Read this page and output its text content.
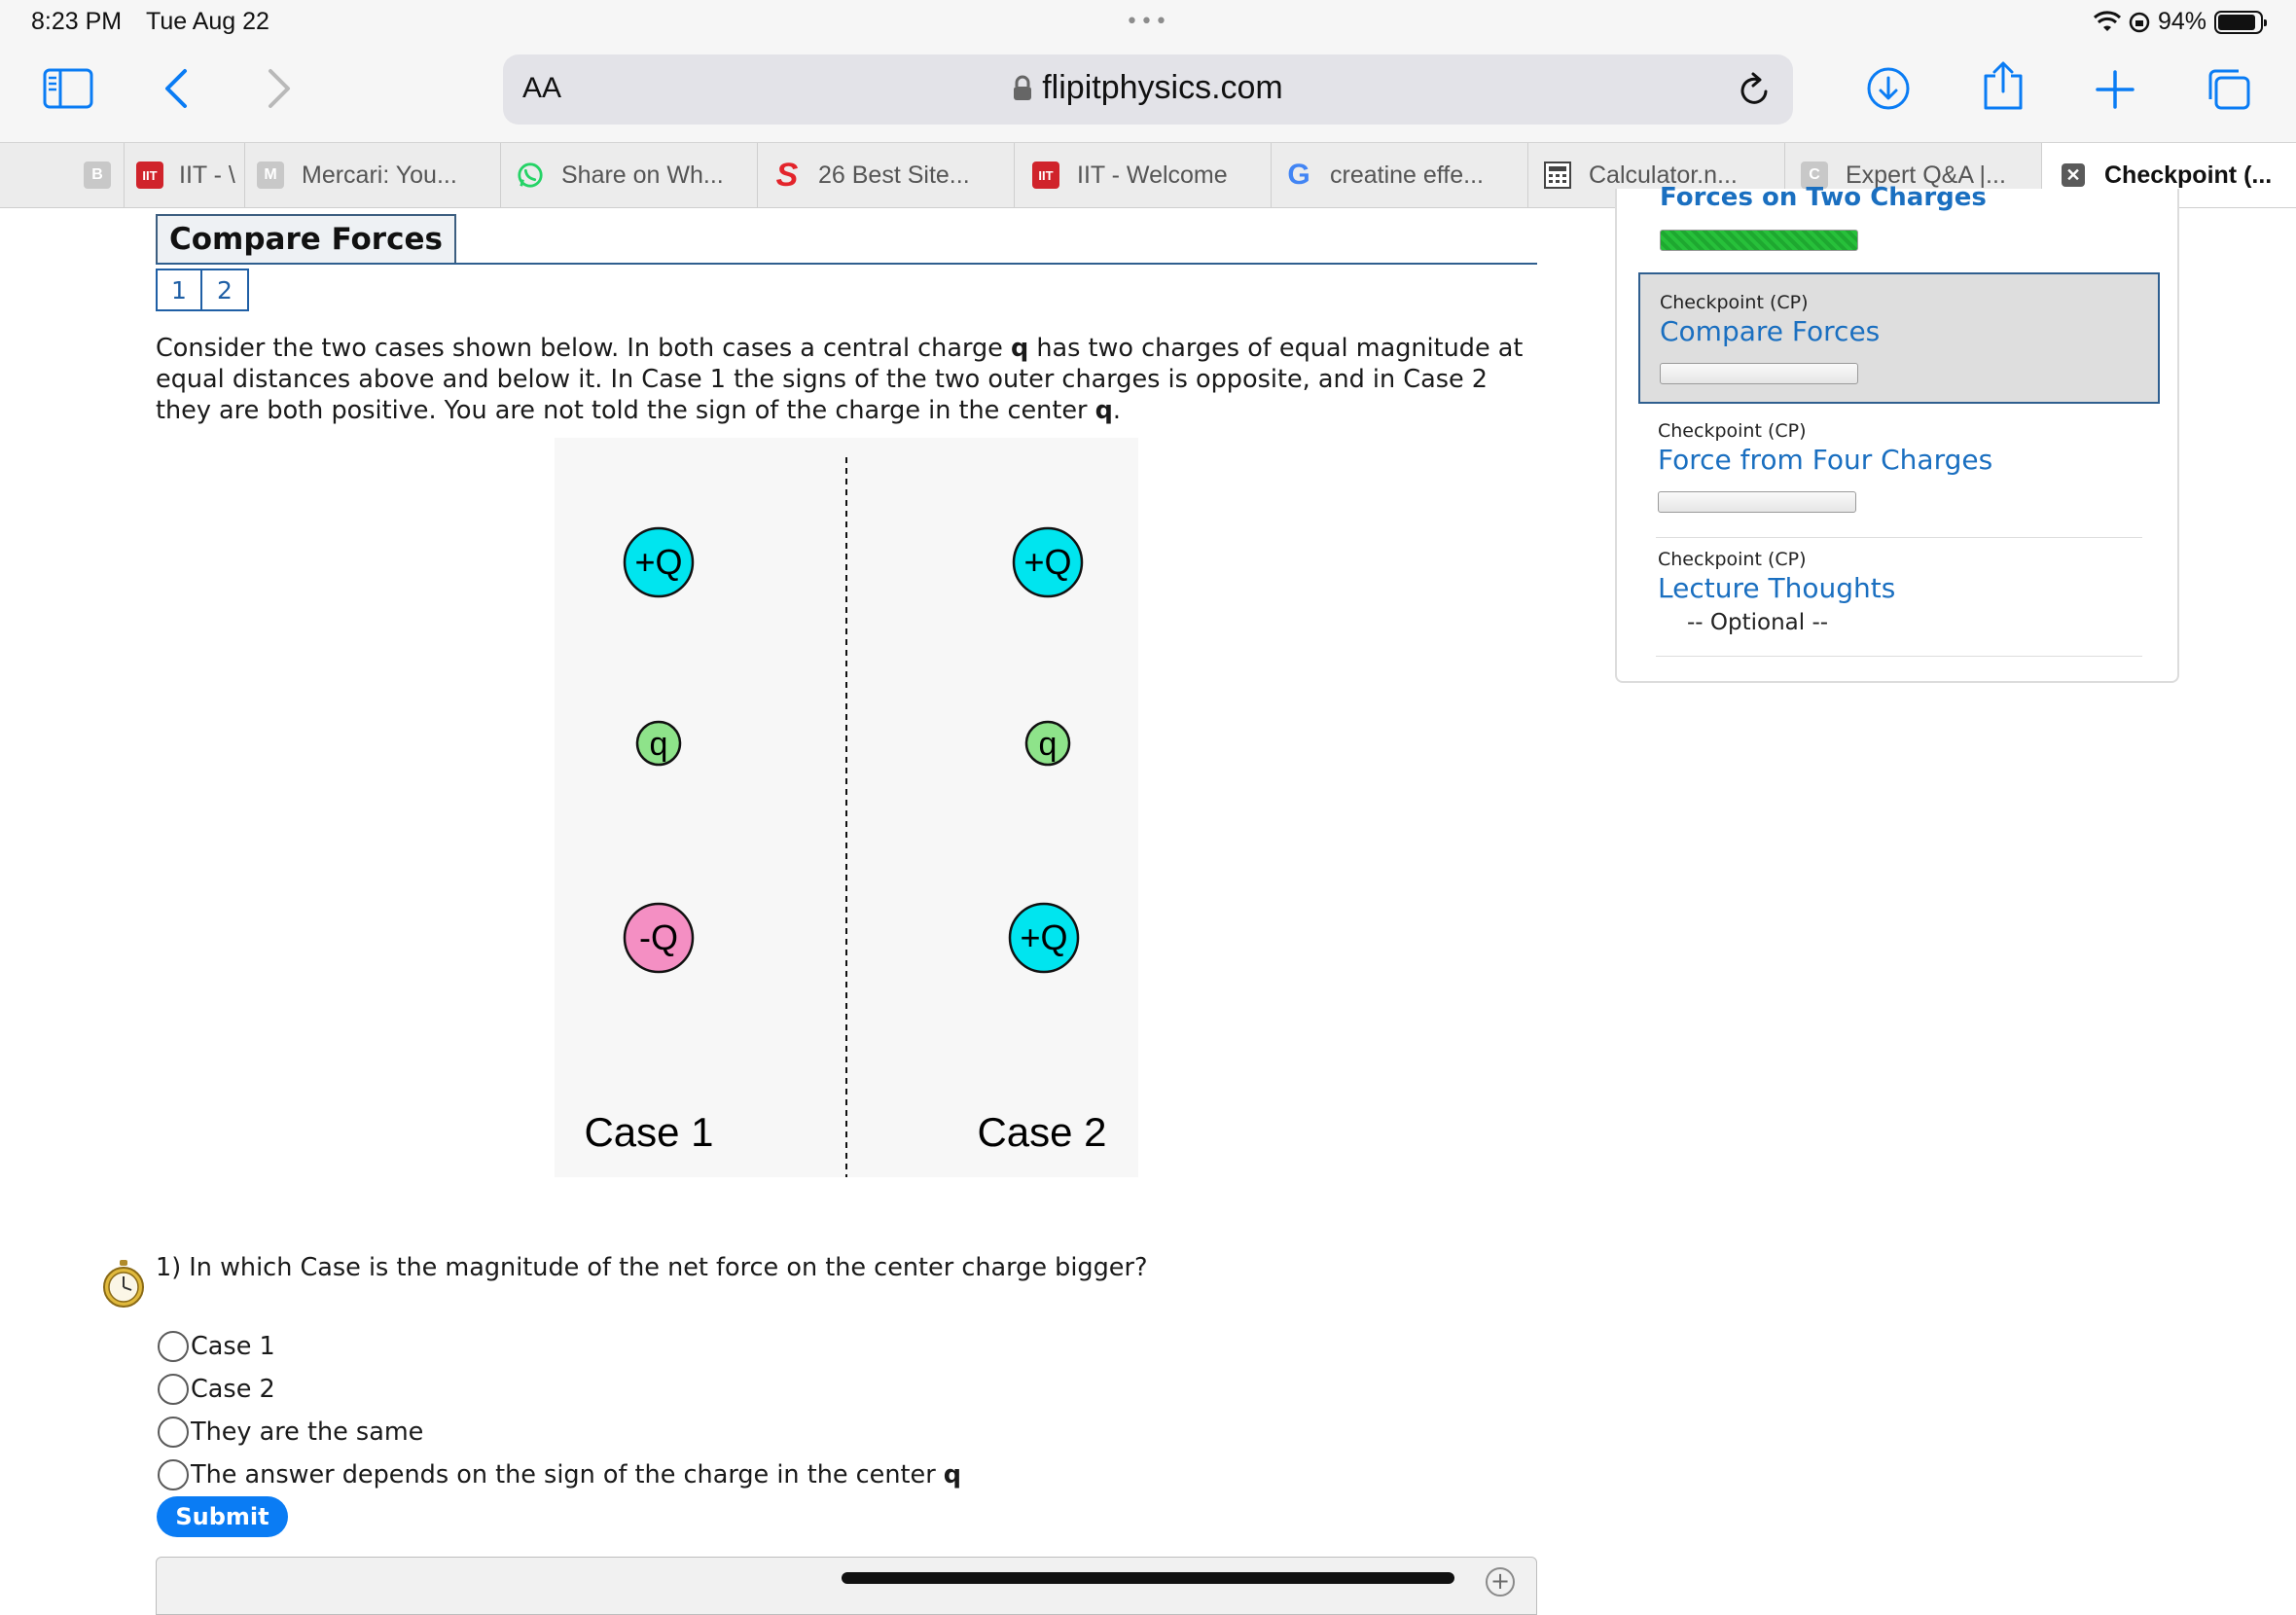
8:23 PM Tue Aug 22	•••	94%
AA	flipitphysics.com
B	IIT IIT - \	M Mercari: You...	Share on Wh... S 26 Best Site...	IIT IIT - Welcome G creatine effe...	Calculator.n...	C	Expert Q&A |...	✕ Checkpoint (...
Compare Forces
1	2

Consider the two cases shown below. In both cases a central charge q has two charges of equal magnitude at equal distances above and below it. In Case 1 the signs of the two outer charges is opposite, and in Case 2 they are both positive. You are not told the sign of the charge in the center q.

+Q
q
-Q
Case 1
+Q
q
+Q
Case 2
1) In which Case is the magnitude of the net force on the center charge bigger?
Case 1
Case 2
They are the same
The answer depends on the sign of the charge in the center q
Submit
+
Forces on Two Charges
Checkpoint (CP)
Compare Forces
Checkpoint (CP)
Force from Four Charges
Checkpoint (CP)
Lecture Thoughts
-- Optional --
